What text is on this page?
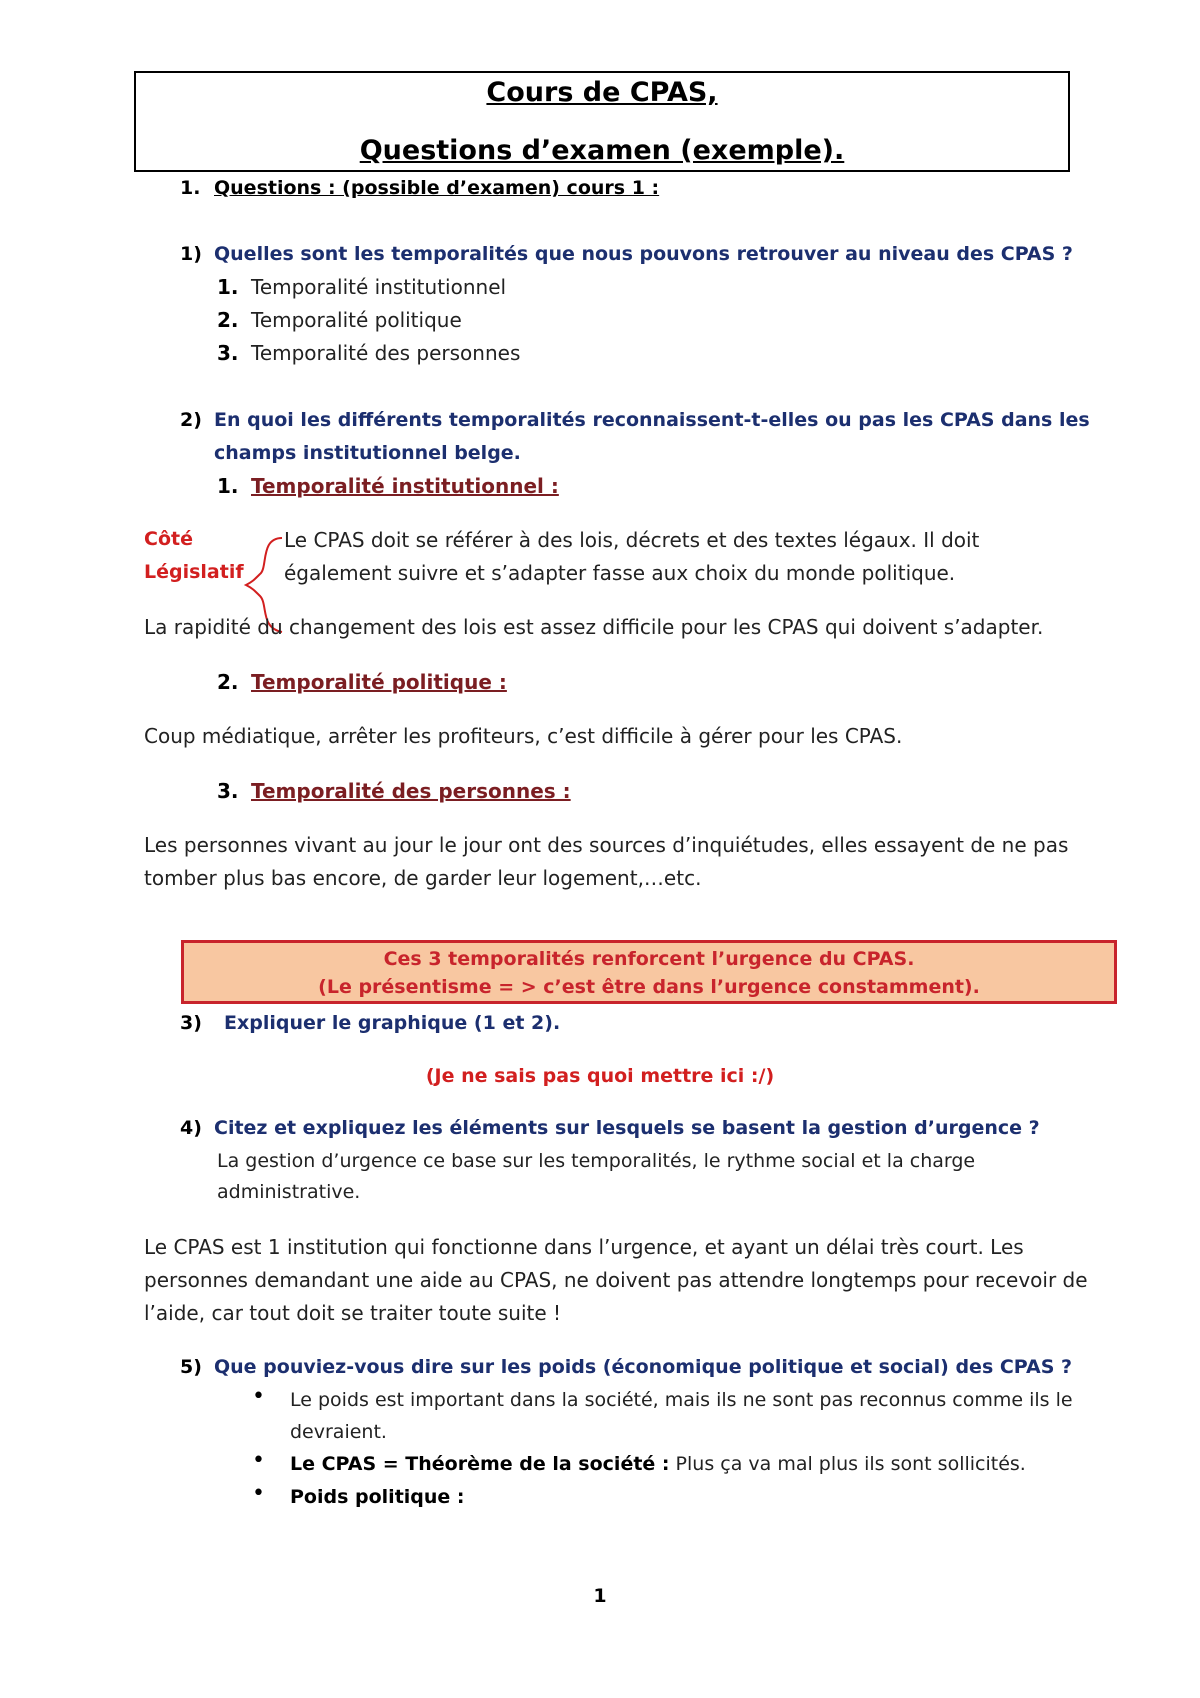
Cours de CPAS,
Questions d’examen (exemple).
1. Questions : (possible d’examen) cours 1 :
1) Quelles sont les temporalités que nous pouvons retrouver au niveau des CPAS ?
1. Temporalité institutionnel
2. Temporalité politique
3. Temporalité des personnes
2) En quoi les différents temporalités reconnaissent-t-elles ou pas les CPAS dans les
champs institutionnel belge.
1. Temporalité institutionnel :
Côté
Législatif
Le CPAS doit se référer à des lois, décrets et des textes légaux. Il doit
également suivre et s’adapter fasse aux choix du monde politique.
La rapidité du changement des lois est assez difficile pour les CPAS qui doivent s’adapter.
2. Temporalité politique :
Coup médiatique, arrêter les profiteurs, c’est difficile à gérer pour les CPAS.
3. Temporalité des personnes :
Les personnes vivant au jour le jour ont des sources d’inquiétudes, elles essayent de ne pas
tomber plus bas encore, de garder leur logement,…etc.
Ces 3 temporalités renforcent l’urgence du CPAS.
(Le présentisme = > c’est être dans l’urgence constamment).
3) Expliquer le graphique (1 et 2).
(Je ne sais pas quoi mettre ici :/)
4) Citez et expliquez les éléments sur lesquels se basent la gestion d’urgence ?
La gestion d’urgence ce base sur les temporalités, le rythme social et la charge
administrative.
Le CPAS est 1 institution qui fonctionne dans l’urgence, et ayant un délai très court. Les
personnes demandant une aide au CPAS, ne doivent pas attendre longtemps pour recevoir de
l’aide, car tout doit se traiter toute suite !
5) Que pouviez-vous dire sur les poids (économique politique et social) des CPAS ?
• Le poids est important dans la société, mais ils ne sont pas reconnus comme ils le
devraient.
• Le CPAS = Théorème de la société : Plus ça va mal plus ils sont sollicités.
• Poids politique :
1
